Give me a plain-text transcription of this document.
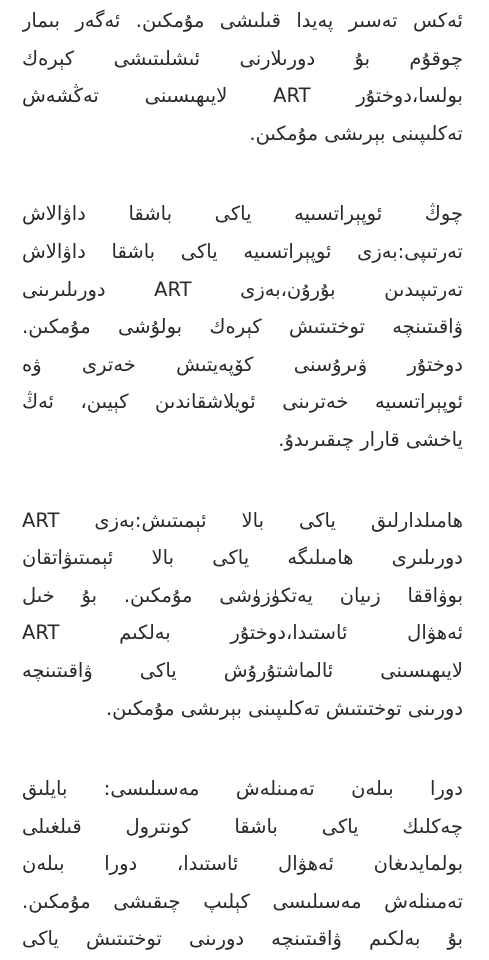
ئەكس تەسىر پەيدا قىلىشى مۇمكىن. ئەگەر بىمار
چوقۇم بۇ دورىلارنى ئىشلىتىشى كېرەك
بولسا،دوختۇر ART لايىھىسىنى تەڭشەش
تەكلىپىنى بېرىشى مۇمكىن.
چوڭ ئوپېراتسىيە ياكى باشقا داۋالاش
تەرتىپى:بەزى ئوپېراتسىيە ياكى باشقا داۋالاش
تەرتىپىدىن بۇرۇن،بەزى ART دورىلىرىنى
ۋاقىتىنچە توختىتىش كېرەك بولۇشى مۇمكىن.
دوختۇر ۋىرۇسنى كۆپەيتىش خەترى ۋە
ئوپېراتسىيە خەترىنى ئويلاشقاندىن كېيىن، ئەڭ
ياخشى قارار چىقىرىدۇ.
ھامىلدارلىق ياكى بالا ئېمىتىش:بەزى ART
دورىلىرى ھامىلىگە ياكى بالا ئېمىتىۋاتقان
بوۋاققا زىيان يەتكۈزۈشى مۇمكىن. بۇ خىل
ئەھۋال ئاستىدا،دوختۇر بەلكىم ART
لايىھىسىنى ئالماشتۇرۇش ياكى ۋاقىتىنچە
دورىنى توختىتىش تەكلىپىنى بېرىشى مۇمكىن.
دورا بىلەن تەمىنلەش مەسىلىسى: بايلىق
چەكلىك ياكى باشقا كونترول قىلغىلى
بولمايدىغان ئەھۋال ئاستىدا، دورا بىلەن
تەمىنلەش مەسىلىسى كېلىپ چىقىشى مۇمكىن.
بۇ بەلكىم ۋاقىتىنچە دورىنى توختىتىش ياكى
